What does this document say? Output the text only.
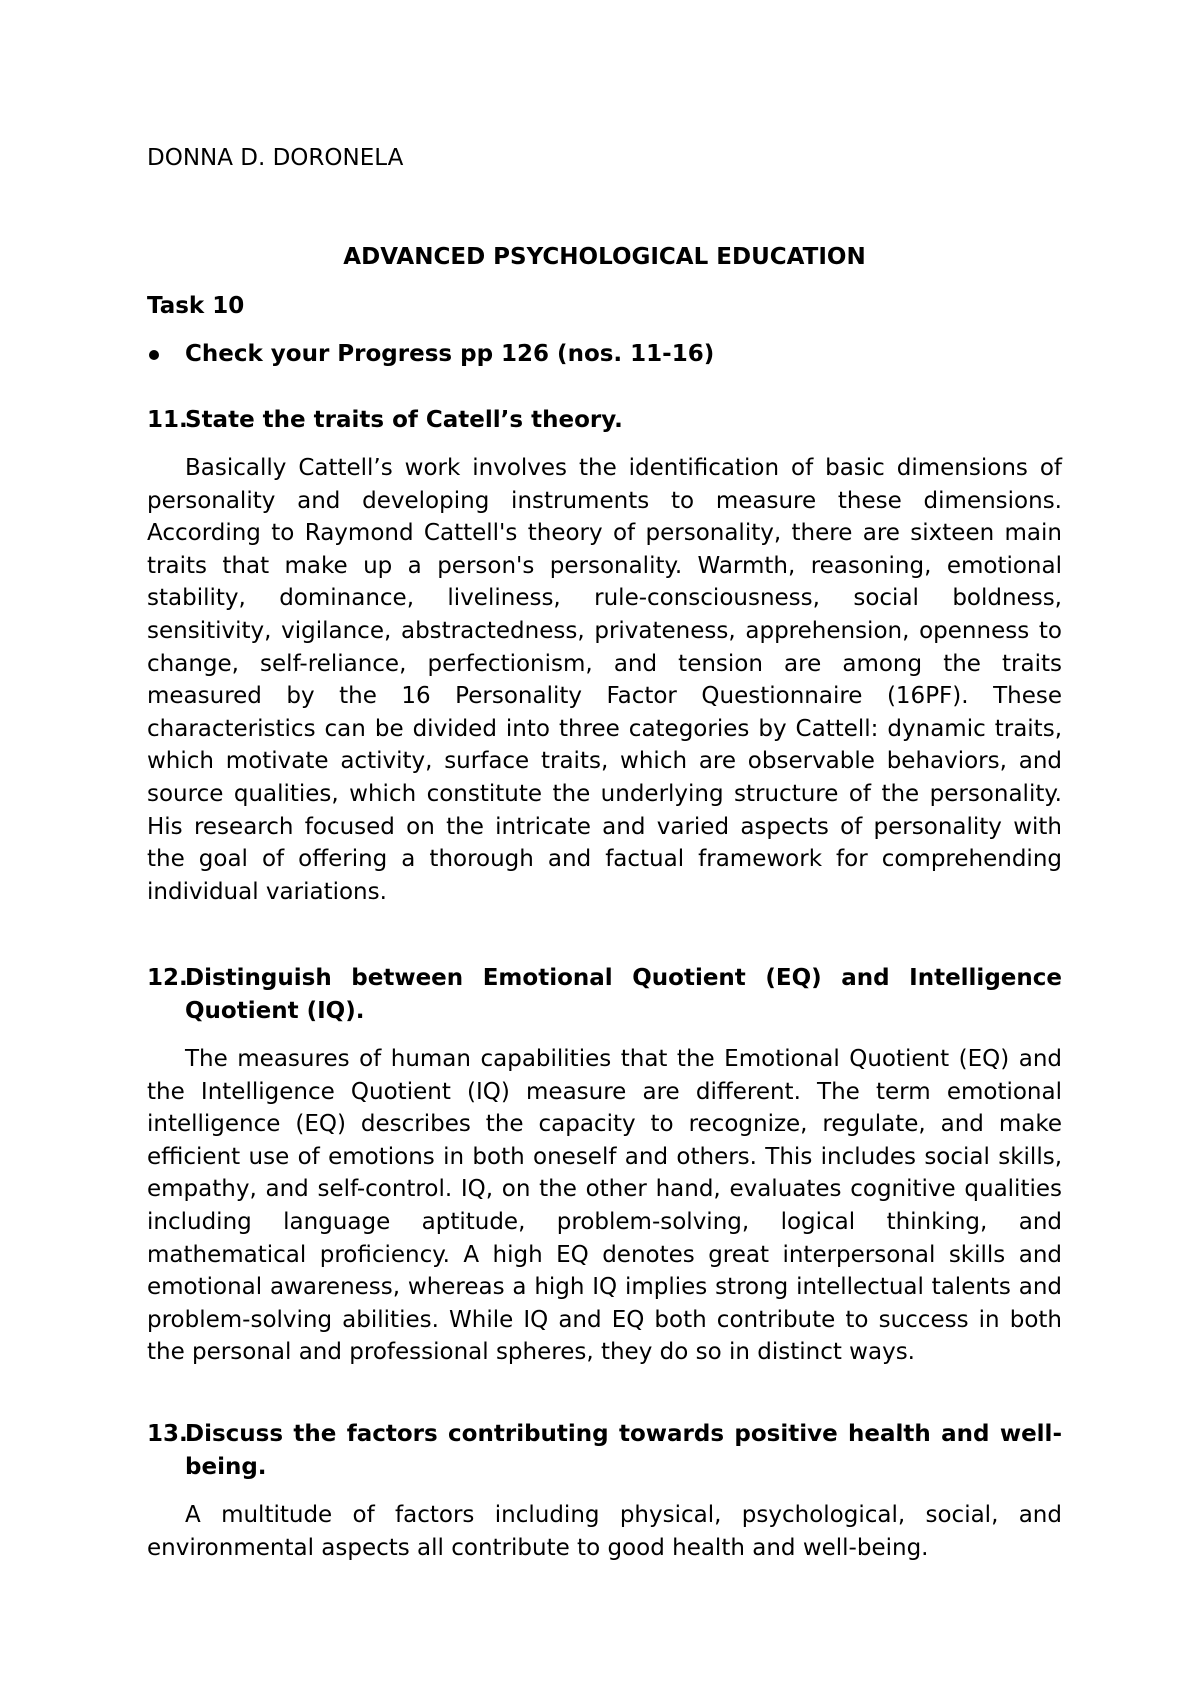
DONNA D. DORONELA
ADVANCED PSYCHOLOGICAL EDUCATION
Task 10
Check your Progress pp 126 (nos. 11-16)
11.
State the traits of Catell’s theory.
Basically Cattell’s work involves the identification of basic dimensions of personality and developing instruments to measure these dimensions. According to Raymond Cattell's theory of personality, there are sixteen main traits that make up a person's personality. Warmth, reasoning, emotional stability, dominance, liveliness, rule-consciousness, social boldness, sensitivity, vigilance, abstractedness, privateness, apprehension, openness to change, self-reliance, perfectionism, and tension are among the traits measured by the 16 Personality Factor Questionnaire (16PF). These characteristics can be divided into three categories by Cattell: dynamic traits, which motivate activity, surface traits, which are observable behaviors, and source qualities, which constitute the underlying structure of the personality. His research focused on the intricate and varied aspects of personality with the goal of offering a thorough and factual framework for comprehending individual variations.
12.
Distinguish between Emotional Quotient (EQ) and Intelligence Quotient (IQ).
The measures of human capabilities that the Emotional Quotient (EQ) and the Intelligence Quotient (IQ) measure are different. The term emotional intelligence (EQ) describes the capacity to recognize, regulate, and make efficient use of emotions in both oneself and others. This includes social skills, empathy, and self-control. IQ, on the other hand, evaluates cognitive qualities including language aptitude, problem-solving, logical thinking, and mathematical proficiency. A high EQ denotes great interpersonal skills and emotional awareness, whereas a high IQ implies strong intellectual talents and problem-solving abilities. While IQ and EQ both contribute to success in both the personal and professional spheres, they do so in distinct ways.
13.
Discuss the factors contributing towards positive health and well-being.
A multitude of factors including physical, psychological, social, and environmental aspects all contribute to good health and well-being.
